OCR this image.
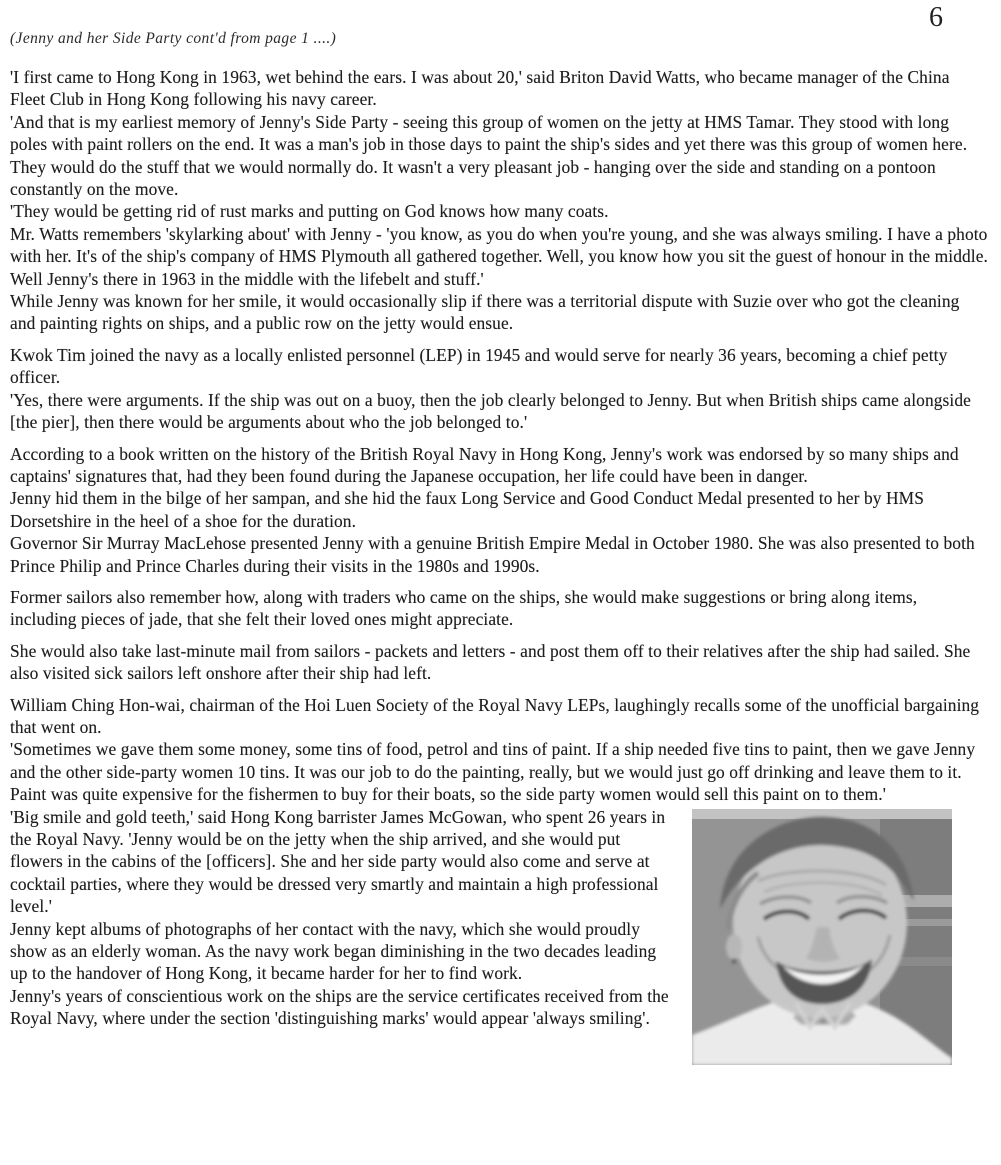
6
(Jenny and her Side Party cont'd from page 1 ....)
'I first came to Hong Kong in 1963, wet behind the ears. I was about 20,' said Briton David Watts, who became manager of the China Fleet Club in Hong Kong following his navy career.
'And that is my earliest memory of Jenny's Side Party - seeing this group of women on the jetty at HMS Tamar. They stood with long poles with paint rollers on the end. It was a man's job in those days to paint the ship's sides and yet there was this group of women here. They would do the stuff that we would normally do. It wasn't a very pleasant job - hanging over the side and standing on a pontoon constantly on the move.
'They would be getting rid of rust marks and putting on God knows how many coats.
Mr. Watts remembers 'skylarking about' with Jenny - 'you know, as you do when you're young, and she was always smiling. I have a photo with her. It's of the ship's company of HMS Plymouth all gathered together. Well, you know how you sit the guest of honour in the middle. Well Jenny's there in 1963 in the middle with the lifebelt and stuff.'
While Jenny was known for her smile, it would occasionally slip if there was a territorial dispute with Suzie over who got the cleaning and painting rights on ships, and a public row on the jetty would ensue.
Kwok Tim joined the navy as a locally enlisted personnel (LEP) in 1945 and would serve for nearly 36 years, becoming a chief petty officer.
'Yes, there were arguments. If the ship was out on a buoy, then the job clearly belonged to Jenny. But when British ships came alongside [the pier], then there would be arguments about who the job belonged to.'
According to a book written on the history of the British Royal Navy in Hong Kong, Jenny's work was endorsed by so many ships and captains' signatures that, had they been found during the Japanese occupation, her life could have been in danger.
Jenny hid them in the bilge of her sampan, and she hid the faux Long Service and Good Conduct Medal presented to her by HMS Dorsetshire in the heel of a shoe for the duration.
Governor Sir Murray MacLehose presented Jenny with a genuine British Empire Medal in October 1980. She was also presented to both Prince Philip and Prince Charles during their visits in the 1980s and 1990s.
Former sailors also remember how, along with traders who came on the ships, she would make suggestions or bring along items, including pieces of jade, that she felt their loved ones might appreciate.
She would also take last-minute mail from sailors - packets and letters - and post them off to their relatives after the ship had sailed. She also visited sick sailors left onshore after their ship had left.
William Ching Hon-wai, chairman of the Hoi Luen Society of the Royal Navy LEPs, laughingly recalls some of the unofficial bargaining that went on.
'Sometimes we gave them some money, some tins of food, petrol and tins of paint. If a ship needed five tins to paint, then we gave Jenny and the other side-party women 10 tins. It was our job to do the painting, really, but we would just go off drinking and leave them to it. Paint was quite expensive for the fishermen to buy for their boats, so the side party women would sell this paint on to them.'
'Big smile and gold teeth,' said Hong Kong barrister James McGowan, who spent 26 years in the Royal Navy. 'Jenny would be on the jetty when the ship arrived, and she would put flowers in the cabins of the [officers]. She and her side party would also come and serve at cocktail parties, where they would be dressed very smartly and maintain a high professional level.'
Jenny kept albums of photographs of her contact with the navy, which she would proudly show as an elderly woman. As the navy work began diminishing in the two decades leading up to the handover of Hong Kong, it became harder for her to find work.
Jenny's years of conscientious work on the ships are the service certificates received from the Royal Navy, where under the section 'distinguishing marks' would appear 'always smiling'.
